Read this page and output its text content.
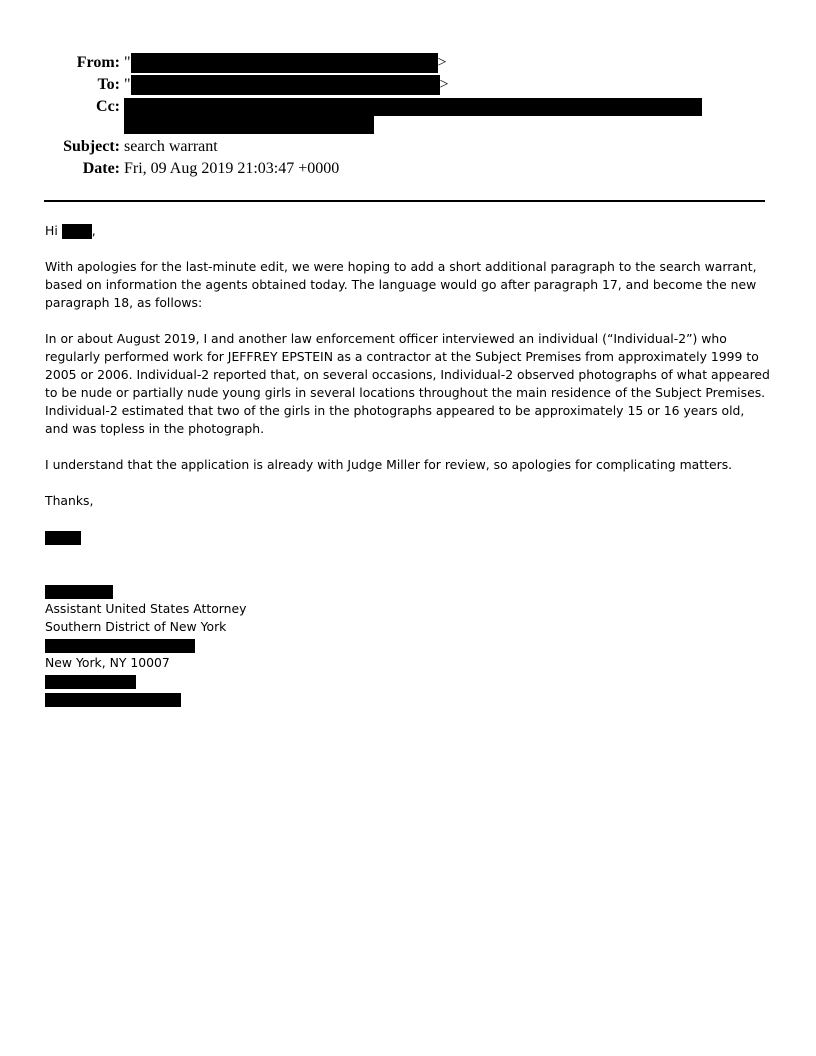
From: "	>
To: "	>
Cc:
Subject: search warrant
Date: Fri, 09 Aug 2019 21:03:47 +0000

Hi	,

With apologies for the last-minute edit, we were hoping to add a short additional paragraph to the search warrant, based on information the agents obtained today. The language would go after paragraph 17, and become the new paragraph 18, as follows:

In or about August 2019, I and another law enforcement officer interviewed an individual (“Individual-2”) who regularly performed work for JEFFREY EPSTEIN as a contractor at the Subject Premises from approximately 1999 to 2005 or 2006. Individual-2 reported that, on several occasions, Individual-2 observed photographs of what appeared to be nude or partially nude young girls in several locations throughout the main residence of the Subject Premises. Individual-2 estimated that two of the girls in the photographs appeared to be approximately 15 or 16 years old, and was topless in the photograph.

I understand that the application is already with Judge Miller for review, so apologies for complicating matters.

Thanks,

Assistant United States Attorney
Southern District of New York
New York, NY 10007
